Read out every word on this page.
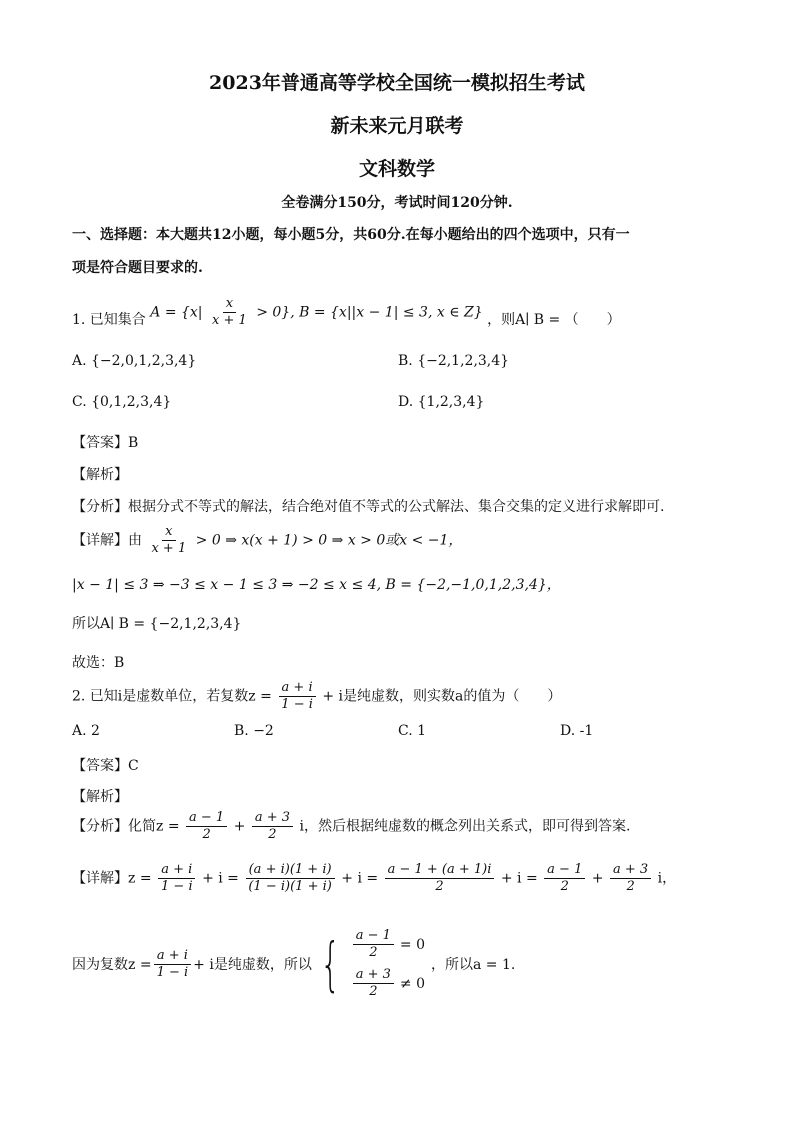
2023年普通高等学校全国统一模拟招生考试
新未来元月联考
文科数学
全卷满分150分，考试时间120分钟.
一、选择题：本大题共12小题，每小题5分，共60分.在每小题给出的四个选项中，只有一
项是符合题目要求的.
1. 已知集合 $A = \{x| \frac{x}{x + 1} > 0\}$, B = {x||x − 1| ≤ 3, x ∈ Z} ，则A∣ B = （　　）
A. {−2,0,1,2,3,4}	B. {−2,1,2,3,4}
C. {0,1,2,3,4}	D. {1,2,3,4}
【答案】B
【解析】
【分析】根据分式不等式的解法，结合绝对值不等式的公式解法、集合交集的定义进行求解即可.
【详解】由 $\frac{x}{x + 1} > 0$ ⇒ x(x + 1) > 0 ⇒ x > 0或x < −1，
|x − 1| ≤ 3 ⇒ −3 ≤ x − 1 ≤ 3 ⇒ −2 ≤ x ≤ 4, B = {−2,−1,0,1,2,3,4}，
所以A∣ B = {−2,1,2,3,4}
故选：B
2. 已知i是虚数单位，若复数$z = \frac{a + i}{1 - i} + i$是纯虚数，则实数a的值为（　　）
A. 2	B. −2	C. 1	D. -1
【答案】C
【解析】
【分析】化简$z = \frac{a - 1}{2} + \frac{a + 3}{2}$ i，然后根据纯虚数的概念列出关系式，即可得到答案.
【详解】$z = \frac{a + i}{1 - i} + i = \frac{(a + i)(1 + i)}{(1 - i)(1 + i)} + i = \frac{a - 1 + (a + 1)i}{2} + i = \frac{a - 1}{2} + \frac{a + 3}{2}$ i，
因为复数$z = \frac{a + i}{1 - i} + i$是纯虚数，所以 { $\frac{a - 1}{2} = 0$
$\frac{a + 3}{2} \ne 0$
，所以a = 1.
